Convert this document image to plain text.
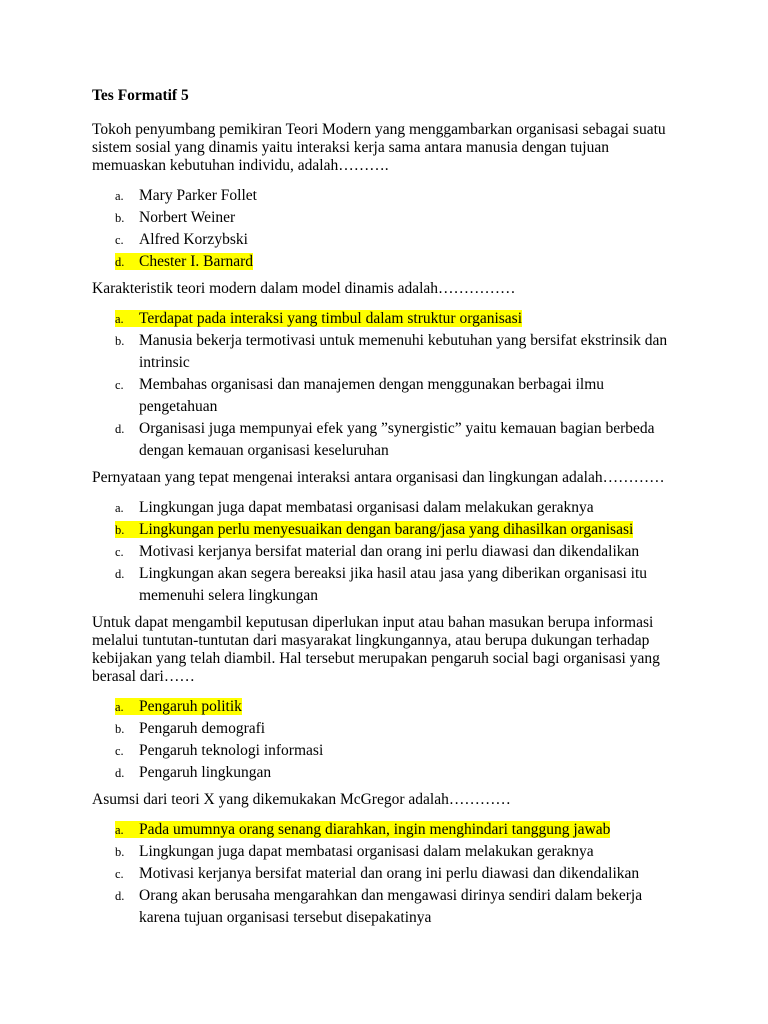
Tes Formatif 5
Tokoh penyumbang pemikiran Teori Modern yang menggambarkan organisasi sebagai suatu sistem sosial yang dinamis yaitu interaksi kerja sama antara manusia dengan tujuan memuaskan kebutuhan individu, adalah……….
a. Mary Parker Follet
b. Norbert Weiner
c. Alfred Korzybski
d. Chester I. Barnard
Karakteristik teori modern dalam model dinamis adalah……………
a. Terdapat pada interaksi yang timbul dalam struktur organisasi
b. Manusia bekerja termotivasi untuk memenuhi kebutuhan yang bersifat ekstrinsik dan intrinsic
c. Membahas organisasi dan manajemen dengan menggunakan berbagai ilmu pengetahuan
d. Organisasi juga mempunyai efek yang ”synergistic” yaitu kemauan bagian berbeda dengan kemauan organisasi keseluruhan
Pernyataan yang tepat mengenai interaksi antara organisasi dan lingkungan adalah…………
a. Lingkungan juga dapat membatasi organisasi dalam melakukan geraknya
b. Lingkungan perlu menyesuaikan dengan barang/jasa yang dihasilkan organisasi
c. Motivasi kerjanya bersifat material dan orang ini perlu diawasi dan dikendalikan
d. Lingkungan akan segera bereaksi jika hasil atau jasa yang diberikan organisasi itu memenuhi selera lingkungan
Untuk dapat mengambil keputusan diperlukan input atau bahan masukan berupa informasi melalui tuntutan-tuntutan dari masyarakat lingkungannya, atau berupa dukungan terhadap kebijakan yang telah diambil. Hal tersebut merupakan pengaruh social bagi organisasi yang berasal dari……
a. Pengaruh politik
b. Pengaruh demografi
c. Pengaruh teknologi informasi
d. Pengaruh lingkungan
Asumsi dari teori X yang dikemukakan McGregor adalah…………
a. Pada umumnya orang senang diarahkan, ingin menghindari tanggung jawab
b. Lingkungan juga dapat membatasi organisasi dalam melakukan geraknya
c. Motivasi kerjanya bersifat material dan orang ini perlu diawasi dan dikendalikan
d. Orang akan berusaha mengarahkan dan mengawasi dirinya sendiri dalam bekerja karena tujuan organisasi tersebut disepakatinya
